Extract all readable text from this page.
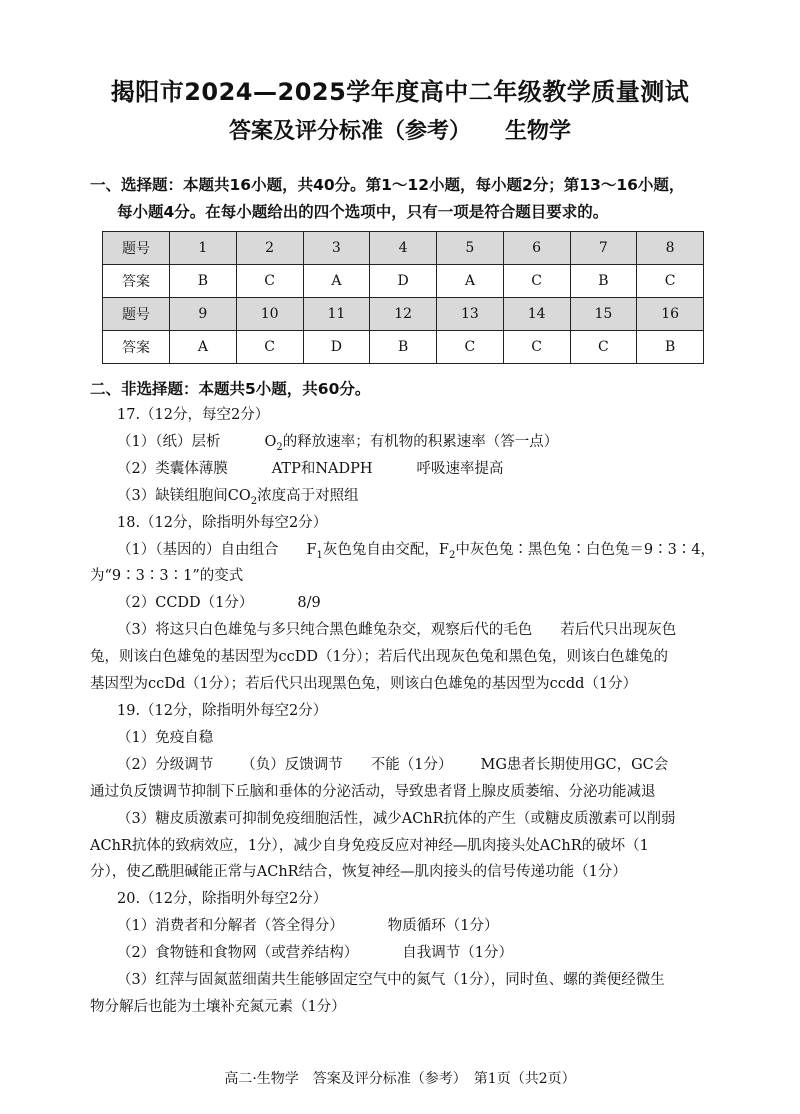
揭阳市2024—2025学年度高中二年级教学质量测试
答案及评分标准（参考） 生物学
一、选择题：本题共16小题，共40分。第1～12小题，每小题2分；第13～16小题，
每小题4分。在每小题给出的四个选项中，只有一项是符合题目要求的。
题号	1	2	3	4	5	6	7	8
答案	B	C	A	D	A	C	B	C
题号	9	10	11	12	13	14	15	16
答案	A	C	D	B	C	C	C	B
二、非选择题：本题共5小题，共60分。
17.（12分，每空2分）
（1）（纸）层析	$O_2$的释放速率；有机物的积累速率（答一点）
（2）类囊体薄膜	ATP和NADPH	呼吸速率提高
（3）缺镁组胞间$CO_2$浓度高于对照组
18.（12分，除指明外每空2分）
（1）（基因的）自由组合 $F_1$灰色兔自由交配，$F_2$中灰色兔∶黑色兔∶白色兔＝9∶3∶4，
为“9∶3∶3∶1”的变式
（2）CCDD（1分）	8/9
（3）将这只白色雄兔与多只纯合黑色雌兔杂交，观察后代的毛色 若后代只出现灰色
兔，则该白色雄兔的基因型为ccDD（1分）；若后代出现灰色兔和黑色兔，则该白色雄兔的
基因型为ccDd（1分）；若后代只出现黑色兔，则该白色雄兔的基因型为ccdd（1分）
19.（12分，除指明外每空2分）
（1）免疫自稳
（2）分级调节 （负）反馈调节 不能（1分） MG患者长期使用GC，GC会
通过负反馈调节抑制下丘脑和垂体的分泌活动，导致患者肾上腺皮质萎缩、分泌功能减退
（3）糖皮质激素可抑制免疫细胞活性，减少AChR抗体的产生（或糖皮质激素可以削弱
AChR抗体的致病效应，1分），减少自身免疫反应对神经—肌肉接头处AChR的破坏（1
分），使乙酰胆碱能正常与AChR结合，恢复神经—肌肉接头的信号传递功能（1分）
20.（12分，除指明外每空2分）
（1）消费者和分解者（答全得分）	物质循环（1分）
（2）食物链和食物网（或营养结构）	自我调节（1分）
（3）红萍与固氮蓝细菌共生能够固定空气中的氮气（1分），同时鱼、螺的粪便经微生
物分解后也能为土壤补充氮元素（1分）
高二·生物学　答案及评分标准（参考）　第1页（共2页）
